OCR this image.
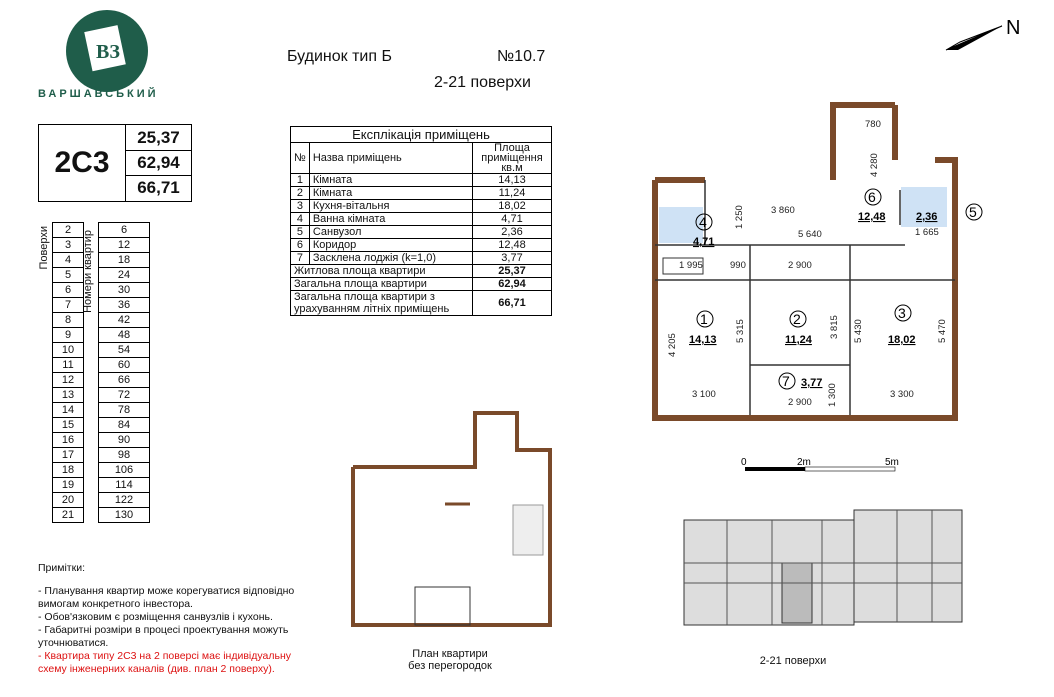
ВЗ
ВАРШАВСЬКИЙ
Будинок тип Б	№10.7
2-21 поверхи
2С3
25,37
62,94
66,71
Поверхи	Номери квартир
	2		6
	3		12
	4		18
	5		24
	6		30
	7		36
	8		42
	9		48
	10		54
	11		60
	12		66
	13		72
	14		78
	15		84
	16		90
	17		98
	18		106
	19		114
	20		122
	21		130
Експлікація приміщень		
№	Назва приміщень	Площа приміщення кв.м
1	Кімната	14,13
2	Кімната	11,24
3	Кухня-вітальня	18,02
4	Ванна кімната	4,71
5	Санвузол	2,36
6	Коридор	12,48
7	Засклена лоджія (k=1,0)	3,77
Житлова площа квартири		25,37
Загальна площа квартири		62,94
Загальна площа квартири з урахуванням літніх приміщень		66,71
Примітки:
- Планування квартир може корегуватися відповідно вимогам конкретного інвестора.
- Обов'язковим є розміщення санвузлів і кухонь.
- Габаритні розміри в процесі проектування можуть уточнюватися.
- Квартира типу 2С3 на 2 поверсі має індивідуальну схему інженерних каналів (див. план 2 поверху).
N
1
14,13
2
11,24
3
18,02
4
4,71
5
2,36
6
12,48
7 3,77
780
4 280
3 860
1 250
5 640	1 665
1 995	990	2 900
5 315	3 815 5 430	5 470
4 205
3 100
2 900
3 300
1 300
0	2m	5m
План квартири
без перегородок	2-21 поверхи
